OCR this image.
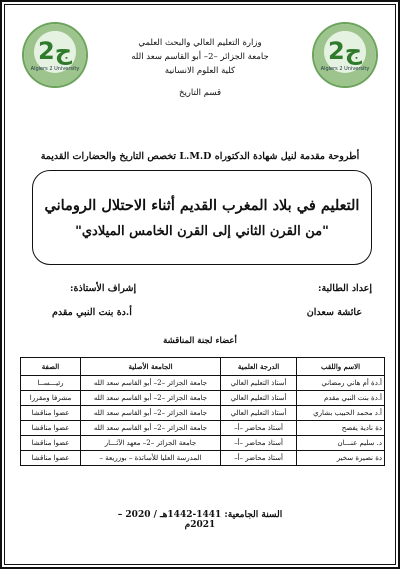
ج2
Algiers 2 University
ج2
Algiers 2 University
وزارة التعليم العالي والبحث العلمي
جامعة الجزائر –2– أبو القاسم سعد الله
كلية العلوم الانسانية
قسم التاريخ
أطروحة مقدمة لنيل شهادة الدكتوراه L.M.D تخصص التاريخ والحضارات القديمة
التعليم في بلاد المغرب القديم أثناء الاحتلال الروماني
"من القرن الثاني إلى القرن الخامس الميلادي"
إعداد الطالبة:
إشراف الأستاذة:
عائشة سعدان
أ.دة بنت النبي مقدم
أعضاء لجنة المناقشة
الاسم واللقب	الدرجة العلمية	الجامعة الأصلية	الصفة
أ.دة أم هاني رمضاني	أستاذ التعليم العالي	جامعة الجزائر –2– أبو القاسم سعد الله	رئيـــســا
أ.دة بنت النبي مقدم	أستاذ التعليم العالي	جامعة الجزائر –2– أبو القاسم سعد الله	مشرفا ومقررا
أ.د محمد الحبيب بشاري	أستاذ التعليم العالي	جامعة الجزائر –2– أبو القاسم سعد الله	عضوا مناقشا
دة نادية يفصح	أستاذ محاضر –أ–	جامعة الجزائر –2– أبو القاسم سعد الله	عضوا مناقشا
د. سليم عنـــان	أستاذ محاضر –أ–	جامعة الجزائر –2– معهد الآثـــار	عضوا مناقشا
دة نصيرة سخير	أستاذ محاضر –أ–	المدرسة العليا للأساتذة – بوزريعة –	عضوا مناقشا
السنة الجامعية: 1441-1442هـ / 2020 – 2021م
